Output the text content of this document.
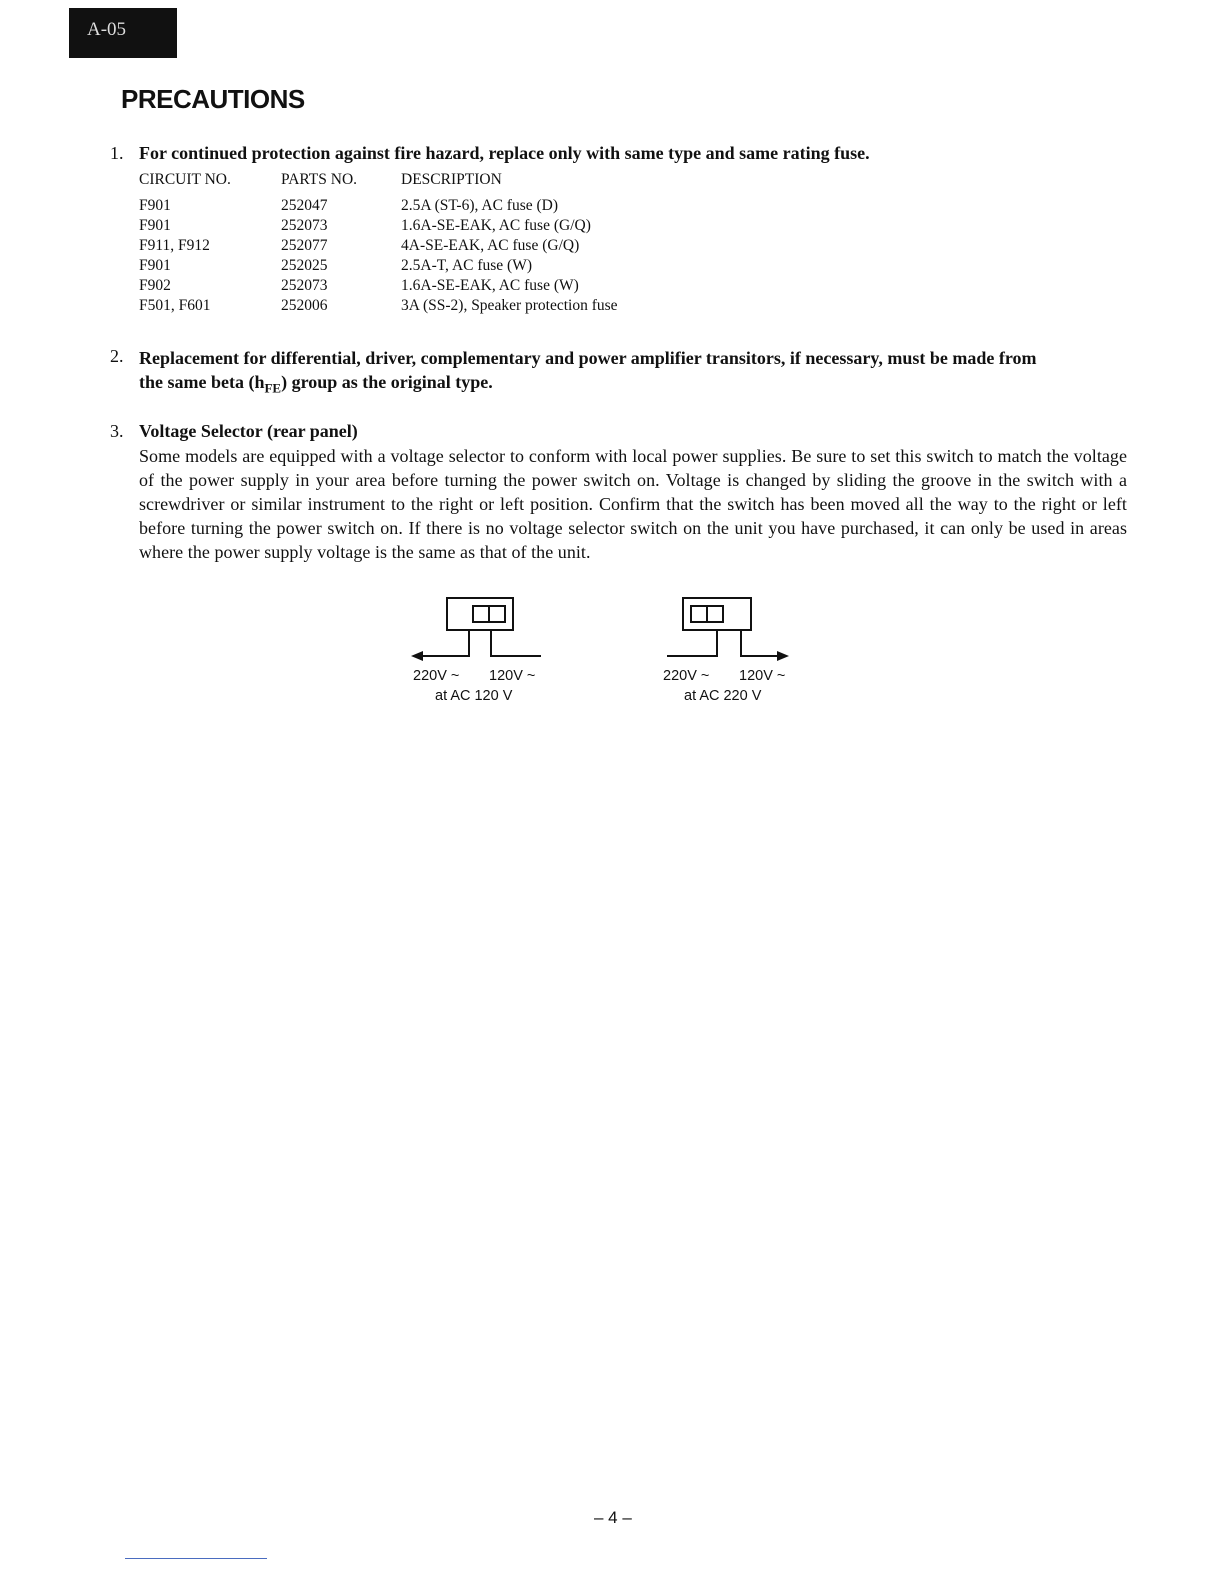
A-05
PRECAUTIONS
1. For continued protection against fire hazard, replace only with same type and same rating fuse.
CIRCUIT NO.	PARTS NO.	DESCRIPTION
F901	252047	2.5A (ST-6), AC fuse (D)
F901	252073	1.6A-SE-EAK, AC fuse (G/Q)
F911, F912	252077	4A-SE-EAK, AC fuse (G/Q)
F901	252025	2.5A-T, AC fuse (W)
F902	252073	1.6A-SE-EAK, AC fuse (W)
F501, F601	252006	3A (SS-2), Speaker protection fuse
2. Replacement for differential, driver, complementary and power amplifier transitors, if necessary, must be made from
the same beta $(h_{FE})$ group as the original type.
3. Voltage Selector (rear panel)
Some models are equipped with a voltage selector to conform with local power supplies. Be sure to set this switch to match the voltage of the power supply in your area before turning the power switch on. Voltage is changed by sliding the groove in the switch with a screwdriver or similar instrument to the right or left position. Confirm that the switch has been moved all the way to the right or left before turning the power switch on. If there is no voltage selector switch on the unit you have purchased, it can only be used in areas where the power supply voltage is the same as that of the unit.
220V ~ 120V ~
at AC 120 V
220V ~ 120V ~
at AC 220 V
– 4 –
